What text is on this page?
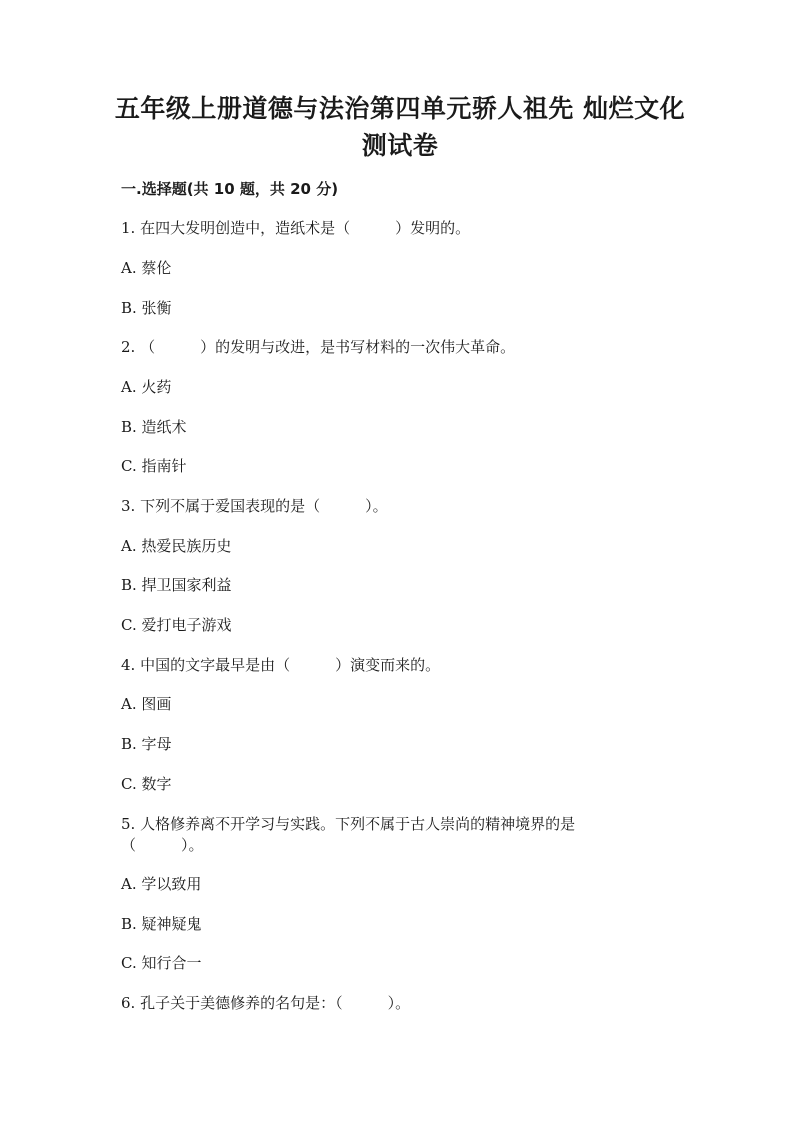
五年级上册道德与法治第四单元骄人祖先 灿烂文化
测试卷
一.选择题(共 10 题，共 20 分)

1. 在四大发明创造中，造纸术是（　　　）发明的。

A. 蔡伦

B. 张衡

2. （　　　）的发明与改进，是书写材料的一次伟大革命。

A. 火药

B. 造纸术

C. 指南针

3. 下列不属于爱国表现的是（　　　）。

A. 热爱民族历史

B. 捍卫国家利益

C. 爱打电子游戏

4. 中国的文字最早是由（　　　）演变而来的。

A. 图画

B. 字母

C. 数字

5. 人格修养离不开学习与实践。下列不属于古人崇尚的精神境界的是

（　　　）。

A. 学以致用

B. 疑神疑鬼

C. 知行合一

6. 孔子关于美德修养的名句是：（　　　）。
